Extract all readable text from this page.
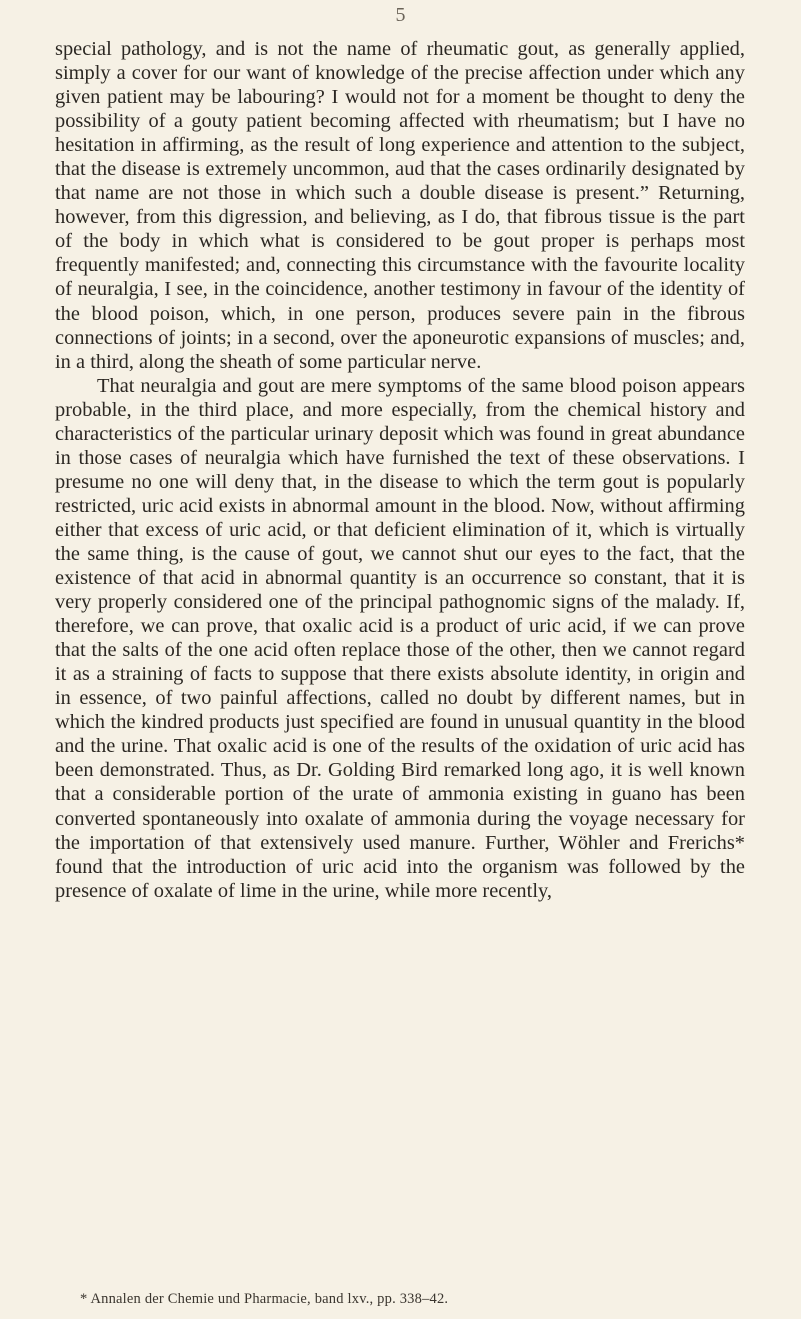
5

special pathology, and is not the name of rheumatic gout, as generally applied, simply a cover for our want of knowledge of the precise affection under which any given patient may be labouring? I would not for a moment be thought to deny the possibility of a gouty patient becoming affected with rheumatism; but I have no hesitation in affirming, as the result of long experience and attention to the subject, that the disease is extremely uncommon, aud that the cases ordinarily designated by that name are not those in which such a double disease is present.” Returning, however, from this digression, and believing, as I do, that fibrous tissue is the part of the body in which what is considered to be gout proper is perhaps most frequently manifested; and, connecting this circumstance with the favourite locality of neuralgia, I see, in the coincidence, another testimony in favour of the identity of the blood poison, which, in one person, produces severe pain in the fibrous connections of joints; in a second, over the aponeurotic expansions of muscles; and, in a third, along the sheath of some particular nerve.

That neuralgia and gout are mere symptoms of the same blood poison appears probable, in the third place, and more especially, from the chemical history and characteristics of the particular urinary deposit which was found in great abundance in those cases of neuralgia which have furnished the text of these observations. I presume no one will deny that, in the disease to which the term gout is popularly restricted, uric acid exists in abnormal amount in the blood. Now, without affirming either that excess of uric acid, or that deficient elimination of it, which is virtually the same thing, is the cause of gout, we cannot shut our eyes to the fact, that the existence of that acid in abnormal quantity is an occurrence so constant, that it is very properly considered one of the principal pathognomic signs of the malady. If, therefore, we can prove, that oxalic acid is a product of uric acid, if we can prove that the salts of the one acid often replace those of the other, then we cannot regard it as a straining of facts to suppose that there exists absolute identity, in origin and in essence, of two painful affections, called no doubt by different names, but in which the kindred products just specified are found in unusual quantity in the blood and the urine. That oxalic acid is one of the results of the oxidation of uric acid has been demonstrated. Thus, as Dr. Golding Bird remarked long ago, it is well known that a considerable portion of the urate of ammonia existing in guano has been converted spontaneously into oxalate of ammonia during the voyage necessary for the importation of that extensively used manure. Further, Wöhler and Frerichs* found that the introduction of uric acid into the organism was followed by the presence of oxalate of lime in the urine, while more recently,

* Annalen der Chemie und Pharmacie, band lxv., pp. 338–42.
